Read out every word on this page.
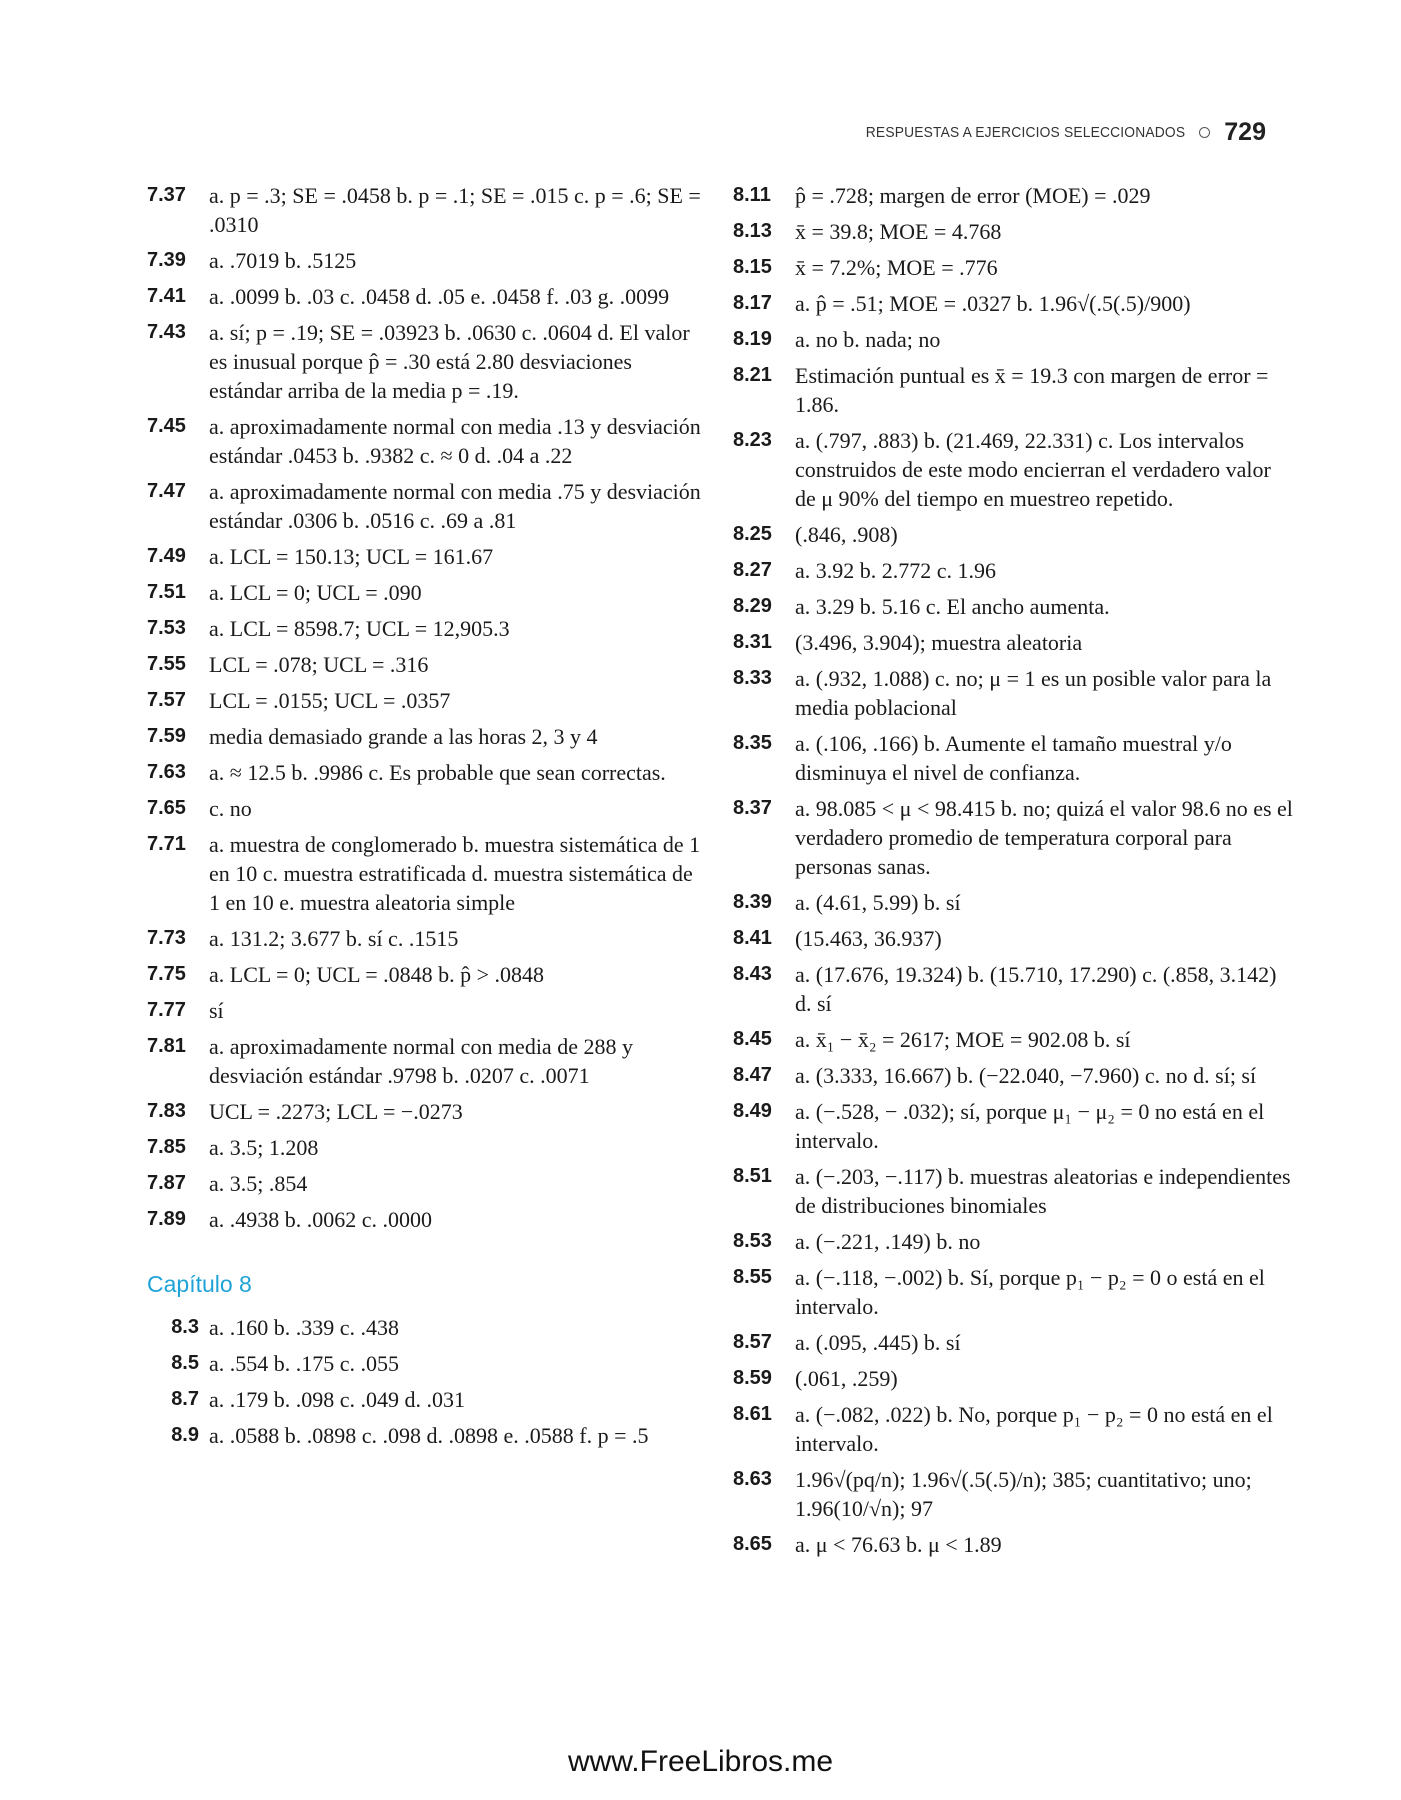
RESPUESTAS A EJERCICIOS SELECCIONADOS 729
7.37	a. p = .3; SE = .0458 b. p = .1; SE = .015 c. p = .6; SE = .0310
7.39	a. .7019 b. .5125
7.41	a. .0099 b. .03 c. .0458 d. .05 e. .0458 f. .03 g. .0099
7.43	a. sí; p = .19; SE = .03923 b. .0630 c. .0604 d. El valor es inusual porque p̂ = .30 está 2.80 desviaciones estándar arriba de la media p = .19.
7.45	a. aproximadamente normal con media .13 y desviación estándar .0453 b. .9382 c. ≈ 0 d. .04 a .22
7.47	a. aproximadamente normal con media .75 y desviación estándar .0306 b. .0516 c. .69 a .81
7.49	a. LCL = 150.13; UCL = 161.67
7.51	a. LCL = 0; UCL = .090
7.53	a. LCL = 8598.7; UCL = 12,905.3
7.55	LCL = .078; UCL = .316
7.57	LCL = .0155; UCL = .0357
7.59	media demasiado grande a las horas 2, 3 y 4
7.63	a. ≈ 12.5 b. .9986 c. Es probable que sean correctas.
7.65	c. no
7.71	a. muestra de conglomerado b. muestra sistemática de 1 en 10 c. muestra estratificada d. muestra sistemática de 1 en 10 e. muestra aleatoria simple
7.73	a. 131.2; 3.677 b. sí c. .1515
7.75	a. LCL = 0; UCL = .0848 b. p̂ > .0848
7.77	sí
7.81	a. aproximadamente normal con media de 288 y desviación estándar .9798 b. .0207 c. .0071
7.83	UCL = .2273; LCL = −.0273
7.85	a. 3.5; 1.208
7.87	a. 3.5; .854
7.89	a. .4938 b. .0062 c. .0000
Capítulo 8
8.3 a. .160 b. .339 c. .438
8.5 a. .554 b. .175 c. .055
8.7 a. .179 b. .098 c. .049 d. .031
8.9 a. .0588 b. .0898 c. .098 d. .0898 e. .0588 f. p = .5
8.11	p̂ = .728; margen de error (MOE) = .029
8.13	x̄ = 39.8; MOE = 4.768
8.15	x̄ = 7.2%; MOE = .776
8.17	a. p̂ = .51; MOE = .0327 b. 1.96√(.5(.5)/900)
8.19	a. no b. nada; no
8.21	Estimación puntual es x̄ = 19.3 con margen de error = 1.86.
8.23	a. (.797, .883) b. (21.469, 22.331) c. Los intervalos construidos de este modo encierran el verdadero valor de μ 90% del tiempo en muestreo repetido.
8.25	(.846, .908)
8.27	a. 3.92 b. 2.772 c. 1.96
8.29	a. 3.29 b. 5.16 c. El ancho aumenta.
8.31	(3.496, 3.904); muestra aleatoria
8.33	a. (.932, 1.088) c. no; μ = 1 es un posible valor para la media poblacional
8.35	a. (.106, .166) b. Aumente el tamaño muestral y/o disminuya el nivel de confianza.
8.37	a. 98.085 < μ < 98.415 b. no; quizá el valor 98.6 no es el verdadero promedio de temperatura corporal para personas sanas.
8.39	a. (4.61, 5.99) b. sí
8.41	(15.463, 36.937)
8.43	a. (17.676, 19.324) b. (15.710, 17.290) c. (.858, 3.142) d. sí
8.45	a. x̄₁ − x̄₂ = 2617; MOE = 902.08 b. sí
8.47	a. (3.333, 16.667) b. (−22.040, −7.960) c. no d. sí; sí
8.49	a. (−.528, − .032); sí, porque μ₁ − μ₂ = 0 no está en el intervalo.
8.51	a. (−.203, −.117) b. muestras aleatorias e independientes de distribuciones binomiales
8.53	a. (−.221, .149) b. no
8.55	a. (−.118, −.002) b. Sí, porque p₁ − p₂ = 0 o está en el intervalo.
8.57	a. (.095, .445) b. sí
8.59	(.061, .259)
8.61	a. (−.082, .022) b. No, porque p₁ − p₂ = 0 no está en el intervalo.
8.63	1.96√(pq/n); 1.96√(.5(.5)/n); 385; cuantitativo; uno; 1.96(10/√n); 97
8.65	a. μ < 76.63 b. μ < 1.89
www.FreeLibros.me
